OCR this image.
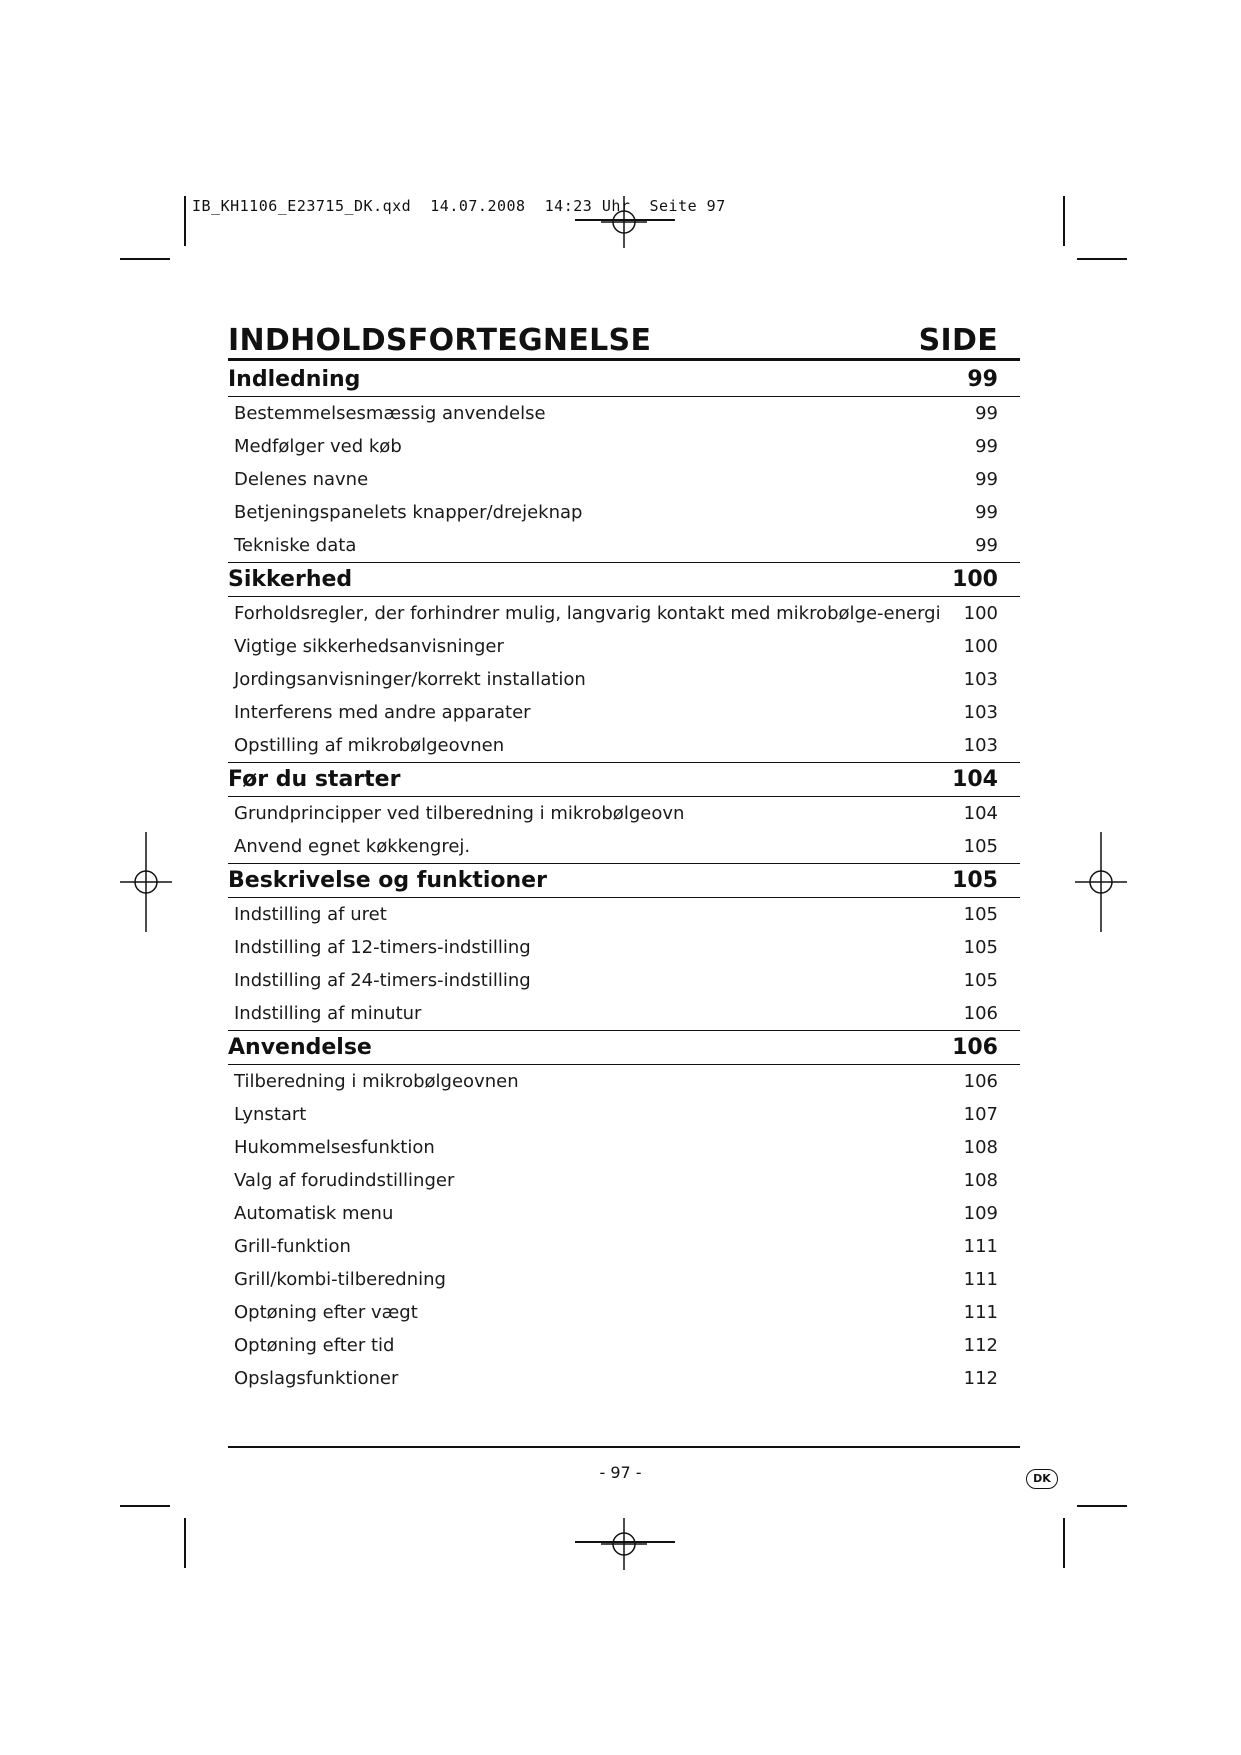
IB_KH1106_E23715_DK.qxd 14.07.2008 14:23 Uhr Seite 97
INDHOLDSFORTEGNELSE	SIDE
Indledning	99
Bestemmelsesmæssig anvendelse	99
Medfølger ved køb	99
Delenes navne	99
Betjeningspanelets knapper/drejeknap	99
Tekniske data	99
Sikkerhed	100
Forholdsregler, der forhindrer mulig, langvarig kontakt med mikrobølge-energi 100
Vigtige sikkerhedsanvisninger	100
Jordingsanvisninger/korrekt installation	103
Interferens med andre apparater	103
Opstilling af mikrobølgeovnen	103
Før du starter	104
Grundprincipper ved tilberedning i mikrobølgeovn	104
Anvend egnet køkkengrej.	105
Beskrivelse og funktioner	105
Indstilling af uret	105
Indstilling af 12-timers-indstilling	105
Indstilling af 24-timers-indstilling	105
Indstilling af minutur	106
Anvendelse	106
Tilberedning i mikrobølgeovnen	106
Lynstart	107
Hukommelsesfunktion	108
Valg af forudindstillinger	108
Automatisk menu	109
Grill-funktion	111
Grill/kombi-tilberedning	111
Optøning efter vægt	111
Optøning efter tid	112
Opslagsfunktioner	112
- 97 -	DK
